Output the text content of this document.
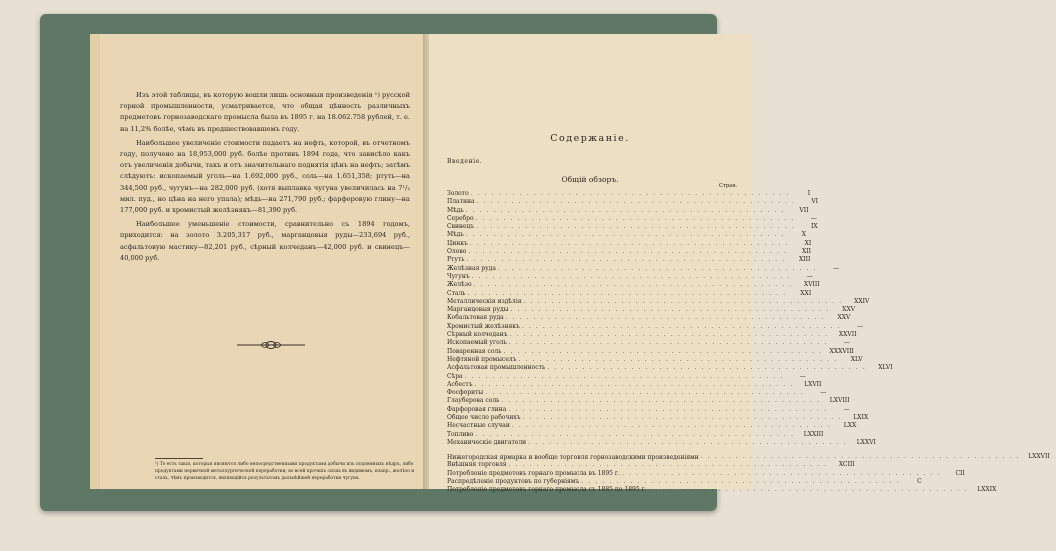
Изъ этой таблицы, въ которую вошли лишь основныя произведенія ¹) русской горной промышленности, усматривается, что общая цѣнность различныхъ предметовъ горнозаводскаго промысла была въ 1895 г. на 18.062.758 рублей, т. е. на 11,2% болѣе, чѣмъ въ предшествовавшемъ году.

Наибольшее увеличеніе стоимости падаетъ на нефть, которой, въ отчетномъ году, получено на 18,953,000 руб. болѣе противъ 1894 года, что зависѣло какъ отъ увеличенія добычи, такъ и отъ значительнаго поднятія цѣнъ на нефть; затѣмъ слѣдуютъ: ископаемый уголь—на 1.692,000 руб., соль—на 1.651,358; ртуть—на 344,500 руб., чугунъ—на 282,000 руб. (хотя выплавка чугуна увеличилась на 7¹/₂ мил. пуд., но цѣна на него упала); мѣдь—на 271,790 руб.; фарфоровую глину—на 177,000 руб. и хромистый желѣзнякъ—81,390 руб.

Наибольшее уменьшеніе стоимости, сравнительно съ 1894 годомъ, приходится: на золото 3.205,317 руб., марганцовыя руды—233,694 руб., асфальтовую мастику—82,201 руб., сѣрный колчеданъ—42,000 руб. и свинецъ—40,000 руб.

¹) То есть такія, которыя являются либо непосредственными продуктами добычи изъ подземныхъ нѣдръ, либо продуктами первичной металлургической переработки; во всей прочихъ силах въ видимомъ, изапр., желѣзо и сталь, чѣмъ производится, являющійся результатомъ дальнѣйшей переработки чугуна.
Содержаніе.
Введеніе.
Общій обзоръ.
Стран.
Золото . . . . . . . . . . . . . . . . . . . . . . . . . . . . . . . . . . . . . . . . . . . . . .	I
Платина . . . . . . . . . . . . . . . . . . . . . . . . . . . . . . . . . . . . . . . . . . . . . .	VI
Мѣдь . . . . . . . . . . . . . . . . . . . . . . . . . . . . . . . . . . . . . . . . . . . . . .	VII
Серебро . . . . . . . . . . . . . . . . . . . . . . . . . . . . . . . . . . . . . . . . . . . . . .	—
Свинецъ . . . . . . . . . . . . . . . . . . . . . . . . . . . . . . . . . . . . . . . . . . . . . .	IX
Мѣдь . . . . . . . . . . . . . . . . . . . . . . . . . . . . . . . . . . . . . . . . . . . . . .	X
Цинкъ . . . . . . . . . . . . . . . . . . . . . . . . . . . . . . . . . . . . . . . . . . . . . .	XI
Олово . . . . . . . . . . . . . . . . . . . . . . . . . . . . . . . . . . . . . . . . . . . . . .	XII
Ртуть . . . . . . . . . . . . . . . . . . . . . . . . . . . . . . . . . . . . . . . . . . . . . .	XIII
Желѣзная руда . . . . . . . . . . . . . . . . . . . . . . . . . . . . . . . . . . . . . . . . . . . . . .	—
Чугунъ . . . . . . . . . . . . . . . . . . . . . . . . . . . . . . . . . . . . . . . . . . . . . .	—
Желѣзо . . . . . . . . . . . . . . . . . . . . . . . . . . . . . . . . . . . . . . . . . . . . . .	XVIII
Сталь . . . . . . . . . . . . . . . . . . . . . . . . . . . . . . . . . . . . . . . . . . . . . .	XXI
Металлическія издѣлія . . . . . . . . . . . . . . . . . . . . . . . . . . . . . . . . . . . . . . . . . . . . . .	XXIV
Марганцовыя руды . . . . . . . . . . . . . . . . . . . . . . . . . . . . . . . . . . . . . . . . . . . . . .	XXV
Кобальтовая руда . . . . . . . . . . . . . . . . . . . . . . . . . . . . . . . . . . . . . . . . . . . . . .	XXV
Хромистый желѣзнякъ . . . . . . . . . . . . . . . . . . . . . . . . . . . . . . . . . . . . . . . . . . . . . .	—
Сѣрный колчеданъ . . . . . . . . . . . . . . . . . . . . . . . . . . . . . . . . . . . . . . . . . . . . . .	XXVII
Ископаемый уголь . . . . . . . . . . . . . . . . . . . . . . . . . . . . . . . . . . . . . . . . . . . . . .	—
Поваренная соль . . . . . . . . . . . . . . . . . . . . . . . . . . . . . . . . . . . . . . . . . . . . . .	XXXVIII
Нефтяной промыселъ . . . . . . . . . . . . . . . . . . . . . . . . . . . . . . . . . . . . . . . . . . . . . .	XLV
Асфальтовая промышленность . . . . . . . . . . . . . . . . . . . . . . . . . . . . . . . . . . . . . . . . . . . . . .	XLVI
Сѣра . . . . . . . . . . . . . . . . . . . . . . . . . . . . . . . . . . . . . . . . . . . . . .	—
Асбестъ . . . . . . . . . . . . . . . . . . . . . . . . . . . . . . . . . . . . . . . . . . . . . .	LXVII
Фосфориты . . . . . . . . . . . . . . . . . . . . . . . . . . . . . . . . . . . . . . . . . . . . . .	—
Глауберова соль . . . . . . . . . . . . . . . . . . . . . . . . . . . . . . . . . . . . . . . . . . . . . .	LXVIII
Фарфоровая глина . . . . . . . . . . . . . . . . . . . . . . . . . . . . . . . . . . . . . . . . . . . . . .	—
Общее число рабочихъ . . . . . . . . . . . . . . . . . . . . . . . . . . . . . . . . . . . . . . . . . . . . . .	LXIX
Несчастные случаи . . . . . . . . . . . . . . . . . . . . . . . . . . . . . . . . . . . . . . . . . . . . . .	LXX
Топливо . . . . . . . . . . . . . . . . . . . . . . . . . . . . . . . . . . . . . . . . . . . . . .	LXXIII
Механическіе двигатели . . . . . . . . . . . . . . . . . . . . . . . . . . . . . . . . . . . . . . . . . . . . . .	LXXVI
Нижегородская ярмарка и вообще торговля горнозаводскими произведеніями . . . . . . . . . . . . . . . . . . . . . . . . . . . . . . . . . . . . . . . . . . . . . .	LXXVII
Внѣшняя торговля . . . . . . . . . . . . . . . . . . . . . . . . . . . . . . . . . . . . . . . . . . . . . .	XCIII
Потребленіе предметовъ горнаго промысла въ 1895 г. . . . . . . . . . . . . . . . . . . . . . . . . . . . . . . . . . . . . . . . . . . . . . .	CII
Распредѣленіе продуктовъ по губерніямъ . . . . . . . . . . . . . . . . . . . . . . . . . . . . . . . . . . . . . . . . . . . . . .	C
Потребленіе предметовъ горнаго промысла съ 1885 по 1895 г. . . . . . . . . . . . . . . . . . . . . . . . . . . . . . . . . . . . . . . . . . . . . . .	LXXIX
